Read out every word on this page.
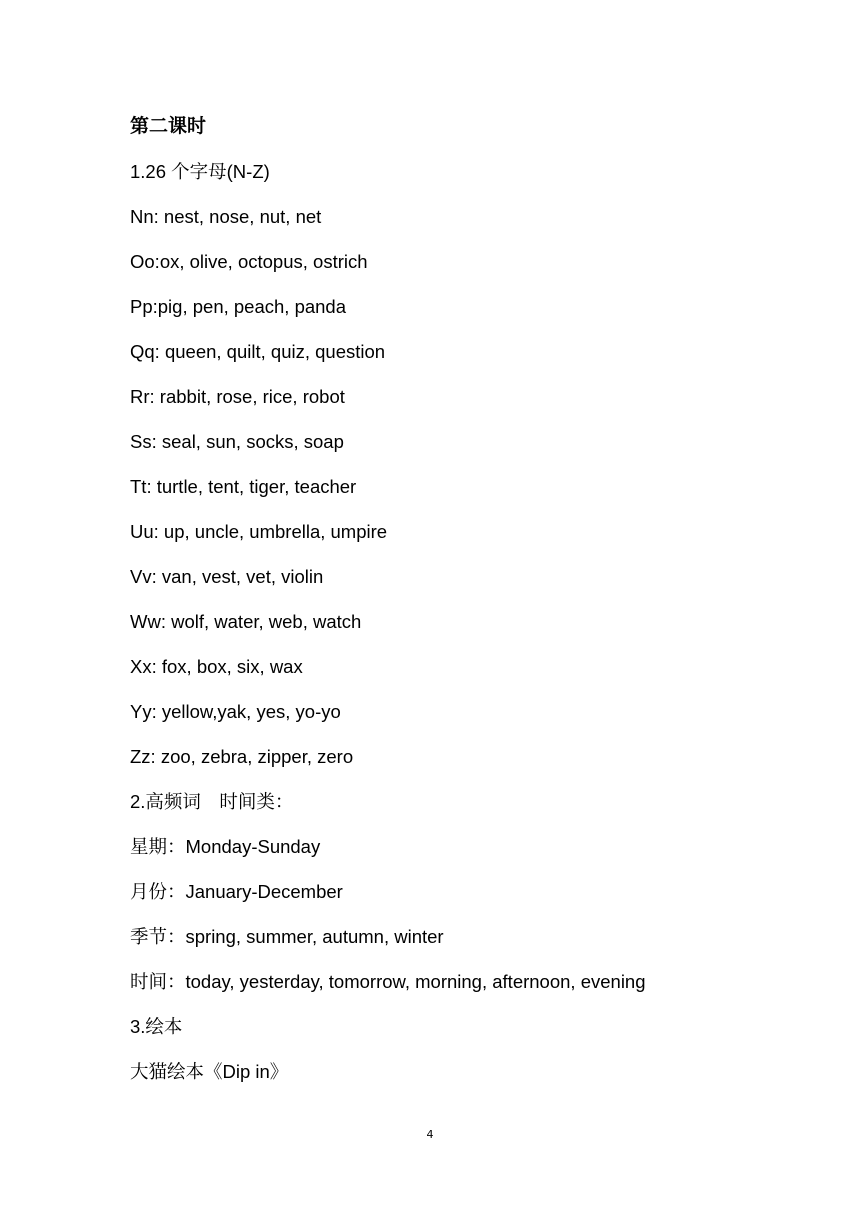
第二课时
1.26 个字母(N-Z)
Nn: nest, nose, nut, net
Oo:ox, olive, octopus, ostrich
Pp:pig, pen, peach, panda
Qq: queen, quilt, quiz, question
Rr: rabbit, rose, rice, robot
Ss: seal, sun, socks, soap
Tt: turtle, tent, tiger, teacher
Uu: up, uncle, umbrella, umpire
Vv: van, vest, vet, violin
Ww: wolf, water, web, watch
Xx: fox, box, six, wax
Yy: yellow,yak, yes, yo-yo
Zz: zoo, zebra, zipper, zero
2.高频词　时间类：
星期：Monday-Sunday
月份：January-December
季节：spring, summer, autumn, winter
时间：today, yesterday, tomorrow, morning, afternoon, evening
3.绘本
大猫绘本《Dip in》
4
